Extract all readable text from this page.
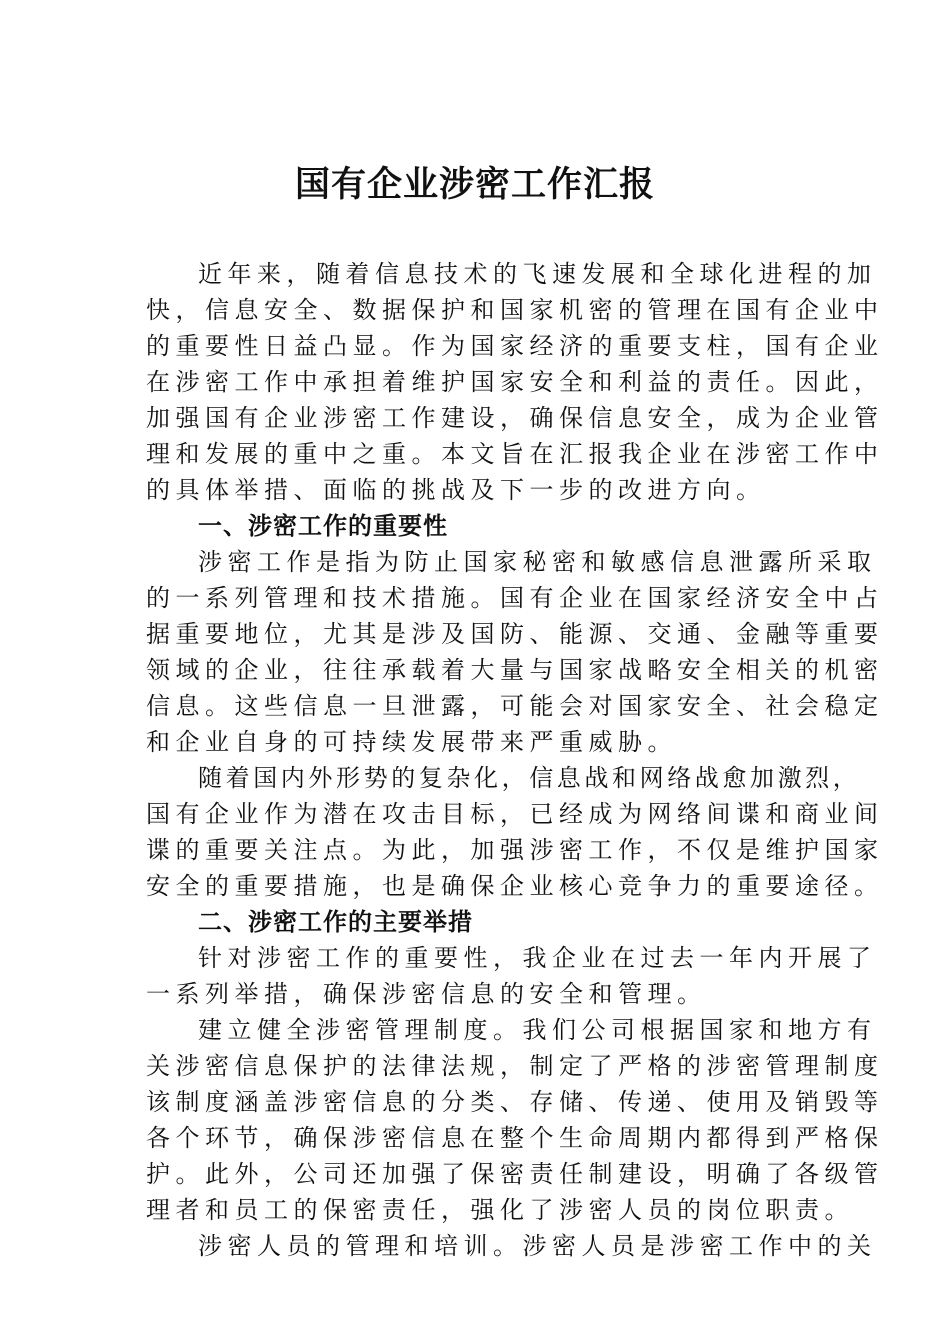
国有企业涉密工作汇报
近年来，随着信息技术的飞速发展和全球化进程的加
快，信息安全、数据保护和国家机密的管理在国有企业中
的重要性日益凸显。作为国家经济的重要支柱，国有企业
在涉密工作中承担着维护国家安全和利益的责任。因此，
加强国有企业涉密工作建设，确保信息安全，成为企业管
理和发展的重中之重。本文旨在汇报我企业在涉密工作中
的具体举措、面临的挑战及下一步的改进方向。
一、涉密工作的重要性
涉密工作是指为防止国家秘密和敏感信息泄露所采取
的一系列管理和技术措施。国有企业在国家经济安全中占
据重要地位，尤其是涉及国防、能源、交通、金融等重要
领域的企业，往往承载着大量与国家战略安全相关的机密
信息。这些信息一旦泄露，可能会对国家安全、社会稳定
和企业自身的可持续发展带来严重威胁。
随着国内外形势的复杂化，信息战和网络战愈加激烈，
国有企业作为潜在攻击目标，已经成为网络间谍和商业间
谍的重要关注点。为此，加强涉密工作，不仅是维护国家
安全的重要措施，也是确保企业核心竞争力的重要途径。
二、涉密工作的主要举措
针对涉密工作的重要性，我企业在过去一年内开展了
一系列举措，确保涉密信息的安全和管理。
建立健全涉密管理制度。我们公司根据国家和地方有
关涉密信息保护的法律法规，制定了严格的涉密管理制度
该制度涵盖涉密信息的分类、存储、传递、使用及销毁等
各个环节，确保涉密信息在整个生命周期内都得到严格保
护。此外，公司还加强了保密责任制建设，明确了各级管
理者和员工的保密责任，强化了涉密人员的岗位职责。
涉密人员的管理和培训。涉密人员是涉密工作中的关
